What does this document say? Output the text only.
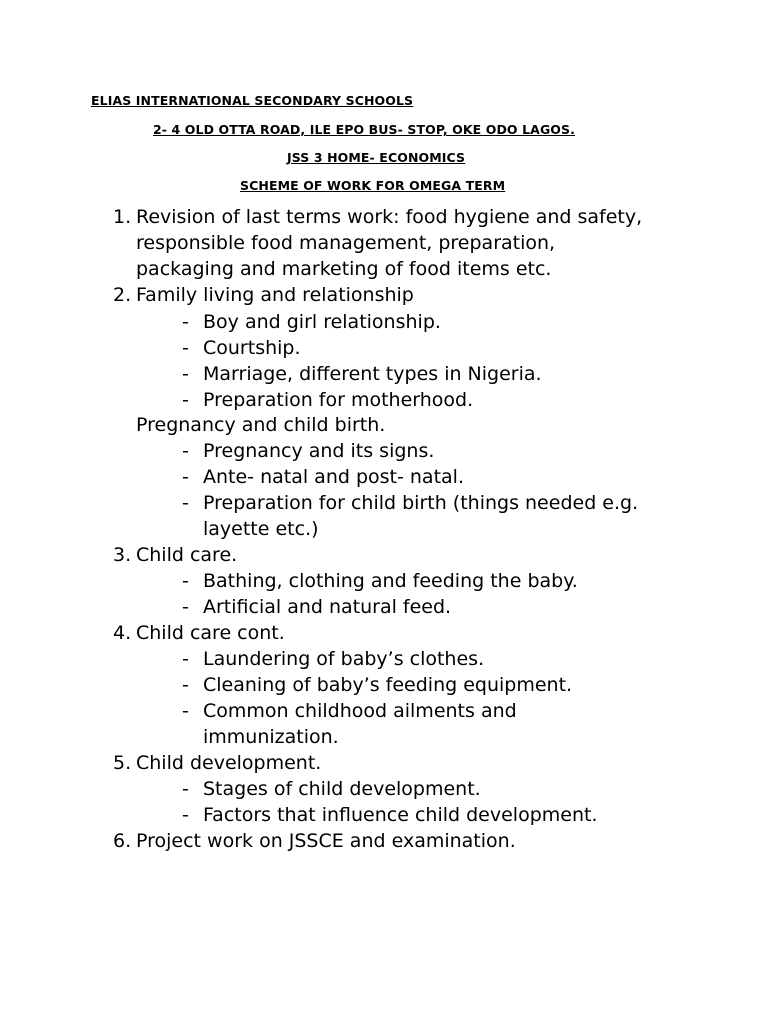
ELIAS INTERNATIONAL SECONDARY SCHOOLS
2- 4 OLD OTTA ROAD, ILE EPO BUS- STOP, OKE ODO LAGOS.
JSS 3 HOME- ECONOMICS
SCHEME OF WORK FOR OMEGA TERM
1. Revision of last terms work: food hygiene and safety,
responsible food management, preparation,
packaging and marketing of food items etc.
2. Family living and relationship
- Boy and girl relationship.
- Courtship.
- Marriage, different types in Nigeria.
- Preparation for motherhood.
Pregnancy and child birth.
- Pregnancy and its signs.
- Ante- natal and post- natal.
- Preparation for child birth (things needed e.g.
layette etc.)
3. Child care.
- Bathing, clothing and feeding the baby.
- Artificial and natural feed.
4. Child care cont.
- Laundering of baby’s clothes.
- Cleaning of baby’s feeding equipment.
- Common childhood ailments and
immunization.
5. Child development.
- Stages of child development.
- Factors that influence child development.
6. Project work on JSSCE and examination.
